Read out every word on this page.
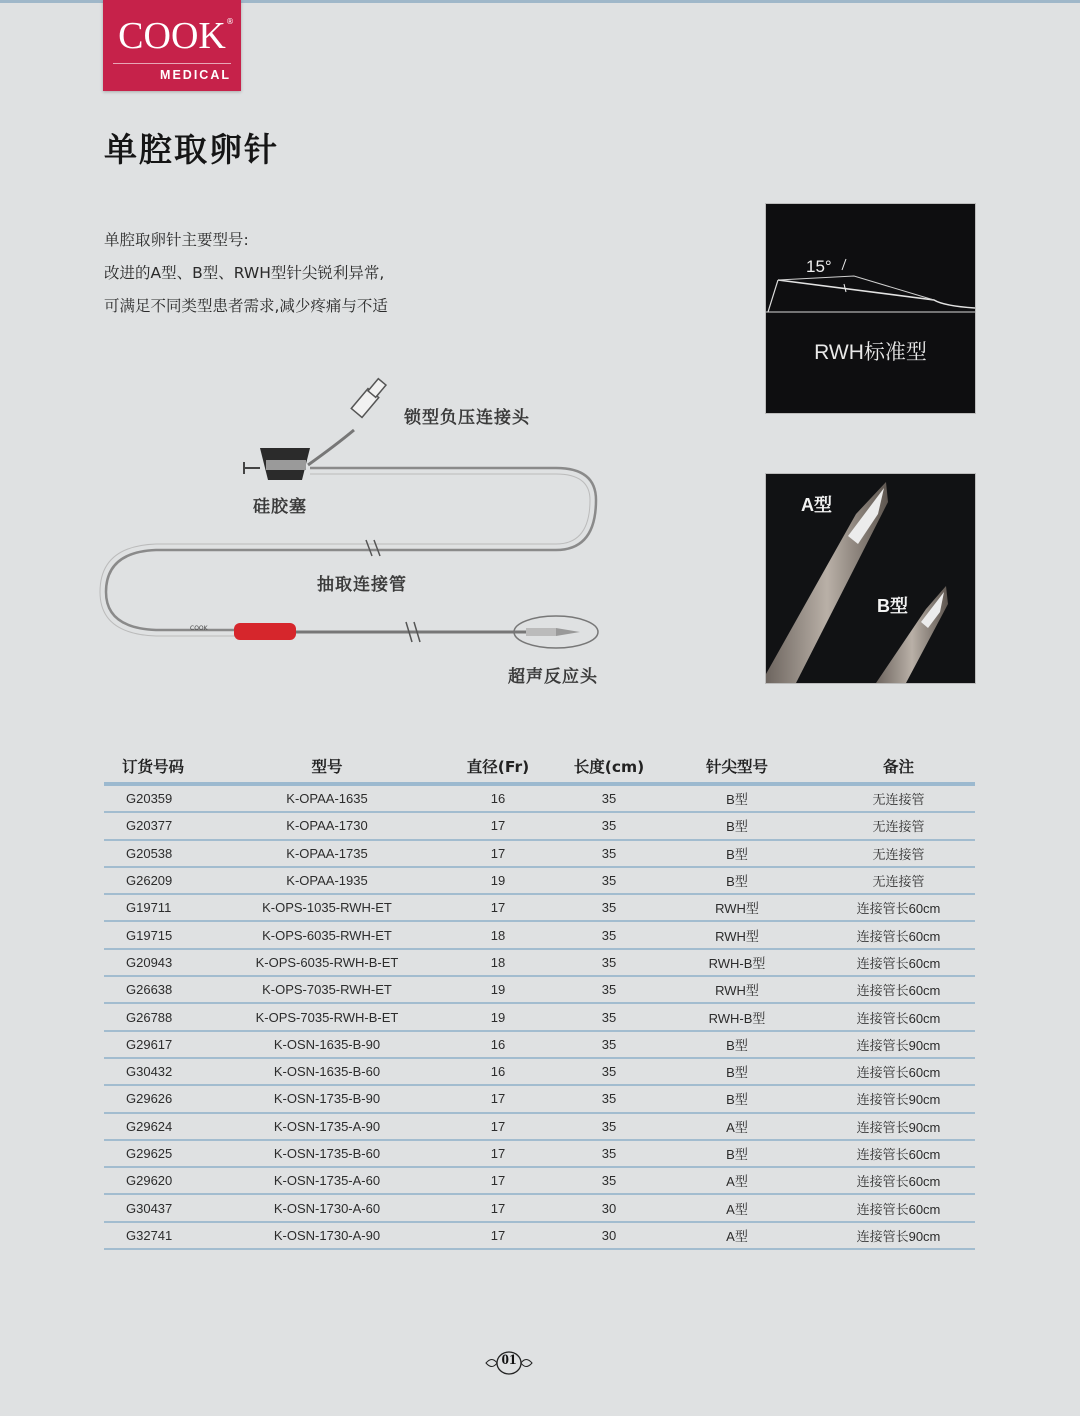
COOK
MEDICAL
®
单腔取卵针
单腔取卵针主要型号:
改进的A型、B型、RWH型针尖锐利异常,
可满足不同类型患者需求,减少疼痛与不适
15°
RWH标准型
A型
B型
锁型负压连接头
硅胶塞
抽取连接管
超声反应头
COOK
订货号码	型号	直径(Fr)	长度(cm)	针尖型号	备注
G20359	K-OPAA-1635	16	35	B型	无连接管
G20377	K-OPAA-1730	17	35	B型	无连接管
G20538	K-OPAA-1735	17	35	B型	无连接管
G26209	K-OPAA-1935	19	35	B型	无连接管
G19711	K-OPS-1035-RWH-ET	17	35	RWH型	连接管长60cm
G19715	K-OPS-6035-RWH-ET	18	35	RWH型	连接管长60cm
G20943	K-OPS-6035-RWH-B-ET	18	35	RWH-B型	连接管长60cm
G26638	K-OPS-7035-RWH-ET	19	35	RWH型	连接管长60cm
G26788	K-OPS-7035-RWH-B-ET	19	35	RWH-B型	连接管长60cm
G29617	K-OSN-1635-B-90	16	35	B型	连接管长90cm
G30432	K-OSN-1635-B-60	16	35	B型	连接管长60cm
G29626	K-OSN-1735-B-90	17	35	B型	连接管长90cm
G29624	K-OSN-1735-A-90	17	35	A型	连接管长90cm
G29625	K-OSN-1735-B-60	17	35	B型	连接管长60cm
G29620	K-OSN-1735-A-60	17	35	A型	连接管长60cm
G30437	K-OSN-1730-A-60	17	30	A型	连接管长60cm
G32741	K-OSN-1730-A-90	17	30	A型	连接管长90cm
01
